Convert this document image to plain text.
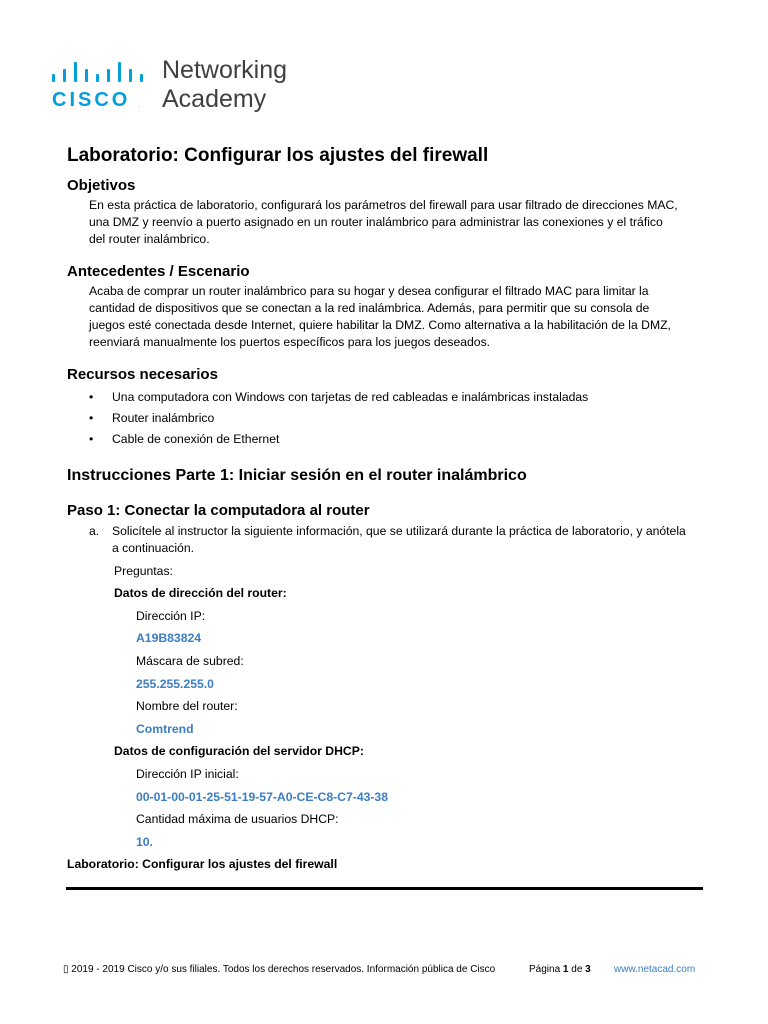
CISCO .
Networking
Academy
Laboratorio: Configurar los ajustes del firewall
Objetivos
En esta práctica de laboratorio, configurará los parámetros del firewall para usar filtrado de direcciones MAC,
una DMZ y reenvío a puerto asignado en un router inalámbrico para administrar las conexiones y el tráfico
del router inalámbrico.
Antecedentes / Escenario
Acaba de comprar un router inalámbrico para su hogar y desea configurar el filtrado MAC para limitar la
cantidad de dispositivos que se conectan a la red inalámbrica. Además, para permitir que su consola de
juegos esté conectada desde Internet, quiere habilitar la DMZ. Como alternativa a la habilitación de la DMZ,
reenviará manualmente los puertos específicos para los juegos deseados.
Recursos necesarios
• Una computadora con Windows con tarjetas de red cableadas e inalámbricas instaladas
• Router inalámbrico
• Cable de conexión de Ethernet
Instrucciones Parte 1: Iniciar sesión en el router inalámbrico
Paso 1: Conectar la computadora al router
a.	Solicítele al instructor la siguiente información, que se utilizará durante la práctica de laboratorio, y anótela
a continuación.
Preguntas:
Datos de dirección del router:
Dirección IP:
A19B83824
Máscara de subred:
255.255.255.0
Nombre del router:
Comtrend
Datos de configuración del servidor DHCP:
Dirección IP inicial:
00-01-00-01-25-51-19-57-A0-CE-C8-C7-43-38
Cantidad máxima de usuarios DHCP:
10.
Laboratorio: Configurar los ajustes del firewall
▯ 2019 - 2019 Cisco y/o sus filiales. Todos los derechos reservados. Información pública de Cisco	Página 1 de 3 www.netacad.com
